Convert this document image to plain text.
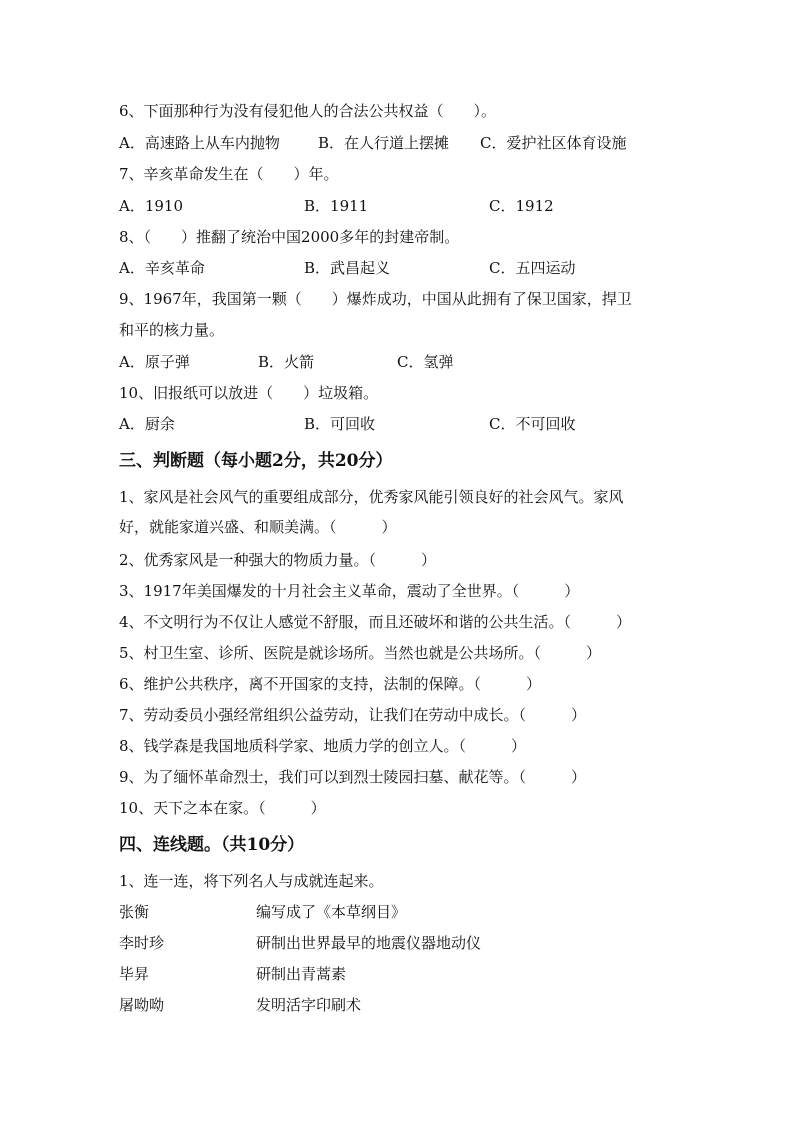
6、下面那种行为没有侵犯他人的合法公共权益（　　）。
A．高速路上从车内抛物	B．在人行道上摆摊 C．爱护社区体育设施
7、辛亥革命发生在（　　）年。
A．1910	B．1911	C．1912
8、（　　）推翻了统治中国2000多年的封建帝制。
A．辛亥革命	B．武昌起义	C．五四运动
9、1967年，我国第一颗（　　）爆炸成功，中国从此拥有了保卫国家，捍卫
和平的核力量。
A．原子弹	B．火箭	C．氢弹
10、旧报纸可以放进（　　）垃圾箱。
A．厨余	B．可回收	C．不可回收
三、判断题（每小题2分，共20分）
1、家风是社会风气的重要组成部分，优秀家风能引领良好的社会风气。家风
好，就能家道兴盛、和顺美满。（　　　）
2、优秀家风是一种强大的物质力量。（　　　）
3、1917年美国爆发的十月社会主义革命，震动了全世界。（　　　）
4、不文明行为不仅让人感觉不舒服，而且还破坏和谐的公共生活。（　　　）
5、村卫生室、诊所、医院是就诊场所。当然也就是公共场所。（　　　）
6、维护公共秩序，离不开国家的支持，法制的保障。（　　　）
7、劳动委员小强经常组织公益劳动，让我们在劳动中成长。（　　　）
8、钱学森是我国地质科学家、地质力学的创立人。（　　　）
9、为了缅怀革命烈士，我们可以到烈士陵园扫墓、献花等。（　　　）
10、天下之本在家。（　　　）
四、连线题。（共10分）
1、连一连，将下列名人与成就连起来。
张衡	编写成了《本草纲目》
李时珍	研制出世界最早的地震仪器地动仪
毕昇	研制出青蒿素
屠呦呦	发明活字印刷术
